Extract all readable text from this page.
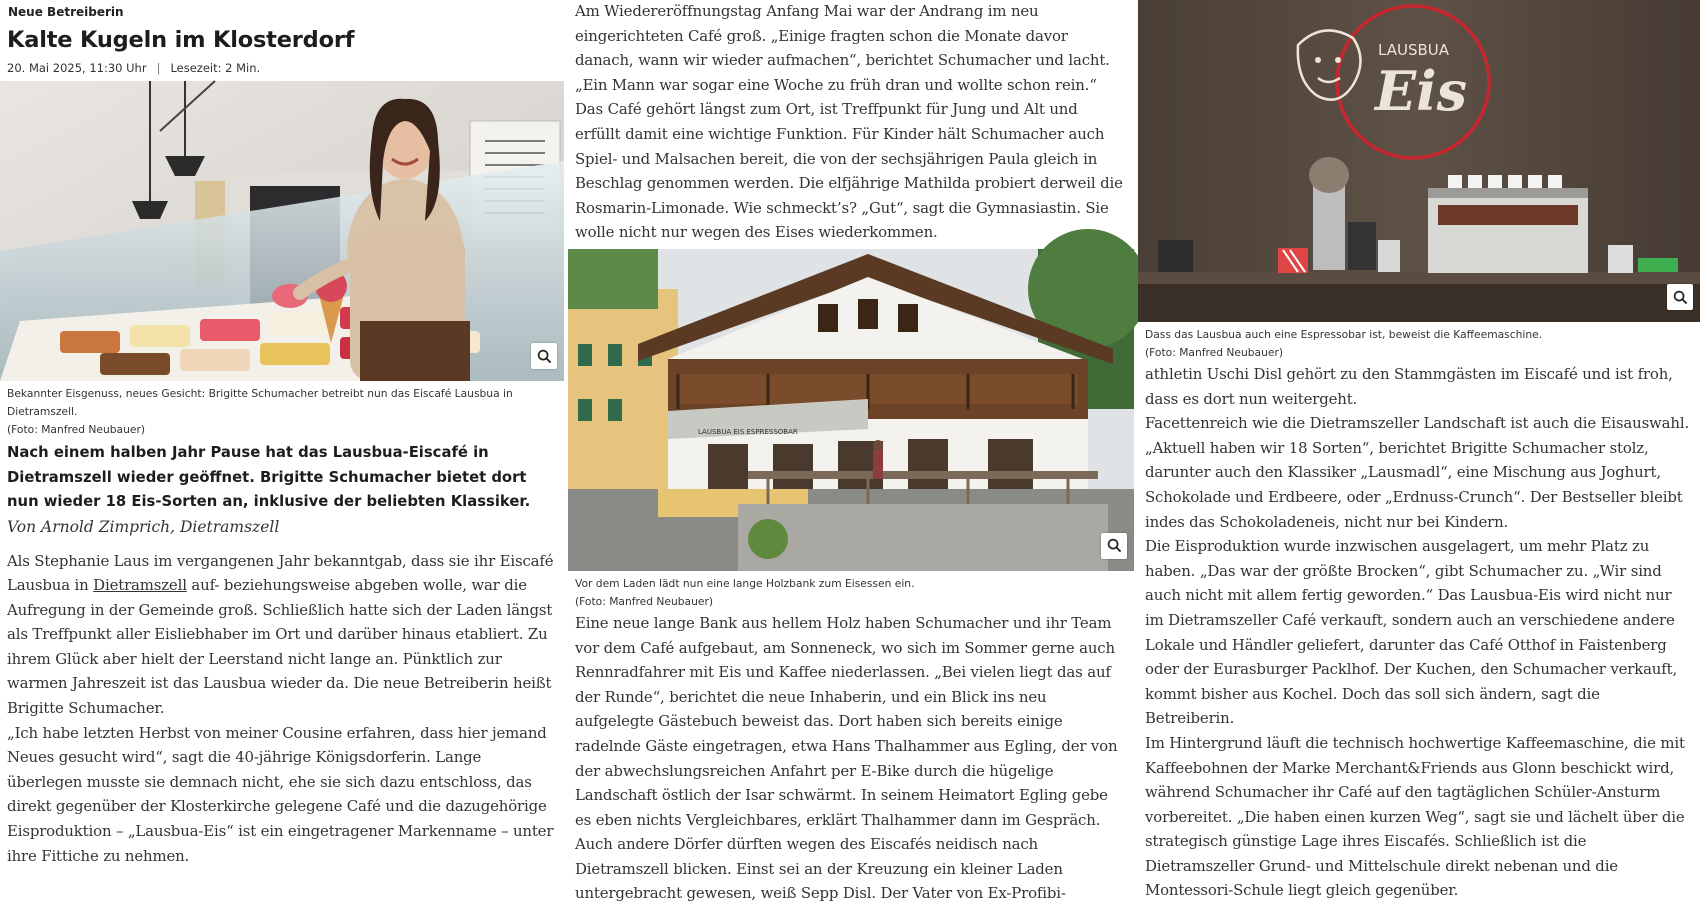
Neue Betreiberin
Kalte Kugeln im Klosterdorf
20. Mai 2025, 11:30 Uhr | Lesezeit: 2 Min.
Bekannter Eisgenuss, neues Gesicht: Brigitte Schumacher betreibt nun das Eiscafé Lausbua in Dietramszell.
(Foto: Manfred Neubauer)
Nach einem halben Jahr Pause hat das Lausbua-Eiscafé in Dietramszell wieder geöffnet. Brigitte Schumacher bietet dort nun wieder 18 Eis-Sorten an, inklusive der beliebten Klassiker.
Von Arnold Zimprich, Dietramszell

Als Stephanie Laus im vergangenen Jahr bekanntgab, dass sie ihr Eiscafé Lausbua in Dietramszell auf- beziehungsweise abgeben wolle, war die Aufregung in der Gemeinde groß. Schließlich hatte sich der Laden längst als Treffpunkt aller Eisliebhaber im Ort und darüber hinaus etabliert. Zu ihrem Glück aber hielt der Leerstand nicht lange an. Pünktlich zur warmen Jahreszeit ist das Lausbua wieder da. Die neue Betreiberin heißt Brigitte Schumacher.

„Ich habe letzten Herbst von meiner Cousine erfahren, dass hier jemand Neues gesucht wird“, sagt die 40-jährige Königsdorferin. Lange überlegen musste sie demnach nicht, ehe sie sich dazu entschloss, das direkt gegenüber der Klosterkirche gelegene Café und die dazugehörige Eisproduktion – „Lausbua-Eis“ ist ein eingetragener Markenname – unter ihre Fittiche zu nehmen.

Am Wiedereröffnungstag Anfang Mai war der Andrang im neu eingerichteten Café groß. „Einige fragten schon die Monate davor danach, wann wir wieder aufmachen“, berichtet Schumacher und lacht. „Ein Mann war sogar eine Woche zu früh dran und wollte schon rein.“ Das Café gehört längst zum Ort, ist Treffpunkt für Jung und Alt und erfüllt damit eine wichtige Funktion. Für Kinder hält Schumacher auch Spiel- und Malsachen bereit, die von der sechsjährigen Paula gleich in Beschlag genommen werden. Die elfjährige Mathilda probiert derweil die Rosmarin-Limonade. Wie schmeckt’s? „Gut“, sagt die Gymnasiastin. Sie wolle nicht nur wegen des Eises wiederkommen.

LAUSBUA EIS ESPRESSOBAR
Vor dem Laden lädt nun eine lange Holzbank zum Eisessen ein.
(Foto: Manfred Neubauer)

Eine neue lange Bank aus hellem Holz haben Schumacher und ihr Team vor dem Café aufgebaut, am Sonneneck, wo sich im Sommer gerne auch Rennradfahrer mit Eis und Kaffee niederlassen. „Bei vielen liegt das auf der Runde“, berichtet die neue Inhaberin, und ein Blick ins neu aufgelegte Gästebuch beweist das. Dort haben sich bereits einige radelnde Gäste eingetragen, etwa Hans Thalhammer aus Egling, der von der abwechslungsreichen Anfahrt per E-Bike durch die hügelige Landschaft östlich der Isar schwärmt. In seinem Heimatort Egling gebe es eben nichts Vergleichbares, erklärt Thalhammer dann im Gespräch. Auch andere Dörfer dürften wegen des Eiscafés neidisch nach Dietramszell blicken. Einst sei an der Kreuzung ein kleiner Laden untergebracht gewesen, weiß Sepp Disl. Der Vater von Ex-Profibi-

LAUSBUA
Eis
Dass das Lausbua auch eine Espressobar ist, beweist die Kaffeemaschine.
(Foto: Manfred Neubauer)

athletin Uschi Disl gehört zu den Stammgästen im Eiscafé und ist froh, dass es dort nun weitergeht.

Facettenreich wie die Dietramszeller Landschaft ist auch die Eisauswahl. „Aktuell haben wir 18 Sorten“, berichtet Brigitte Schumacher stolz, darunter auch den Klassiker „Lausmadl“, eine Mischung aus Joghurt, Schokolade und Erdbeere, oder „Erdnuss-Crunch“. Der Bestseller bleibt indes das Schokoladeneis, nicht nur bei Kindern.

Die Eisproduktion wurde inzwischen ausgelagert, um mehr Platz zu haben. „Das war der größte Brocken“, gibt Schumacher zu. „Wir sind auch nicht mit allem fertig geworden.“ Das Lausbua-Eis wird nicht nur im Dietramszeller Café verkauft, sondern auch an verschiedene andere Lokale und Händler geliefert, darunter das Café Otthof in Faistenberg oder der Eurasburger Packlhof. Der Kuchen, den Schumacher verkauft, kommt bisher aus Kochel. Doch das soll sich ändern, sagt die Betreiberin.

Im Hintergrund läuft die technisch hochwertige Kaffeemaschine, die mit Kaffeebohnen der Marke Merchant&Friends aus Glonn beschickt wird, während Schumacher ihr Café auf den tagtäglichen Schüler-Ansturm vorbereitet. „Die haben einen kurzen Weg“, sagt sie und lächelt über die strategisch günstige Lage ihres Eiscafés. Schließlich ist die Dietramszeller Grund- und Mittelschule direkt nebenan und die Montessori-Schule liegt gleich gegenüber.
